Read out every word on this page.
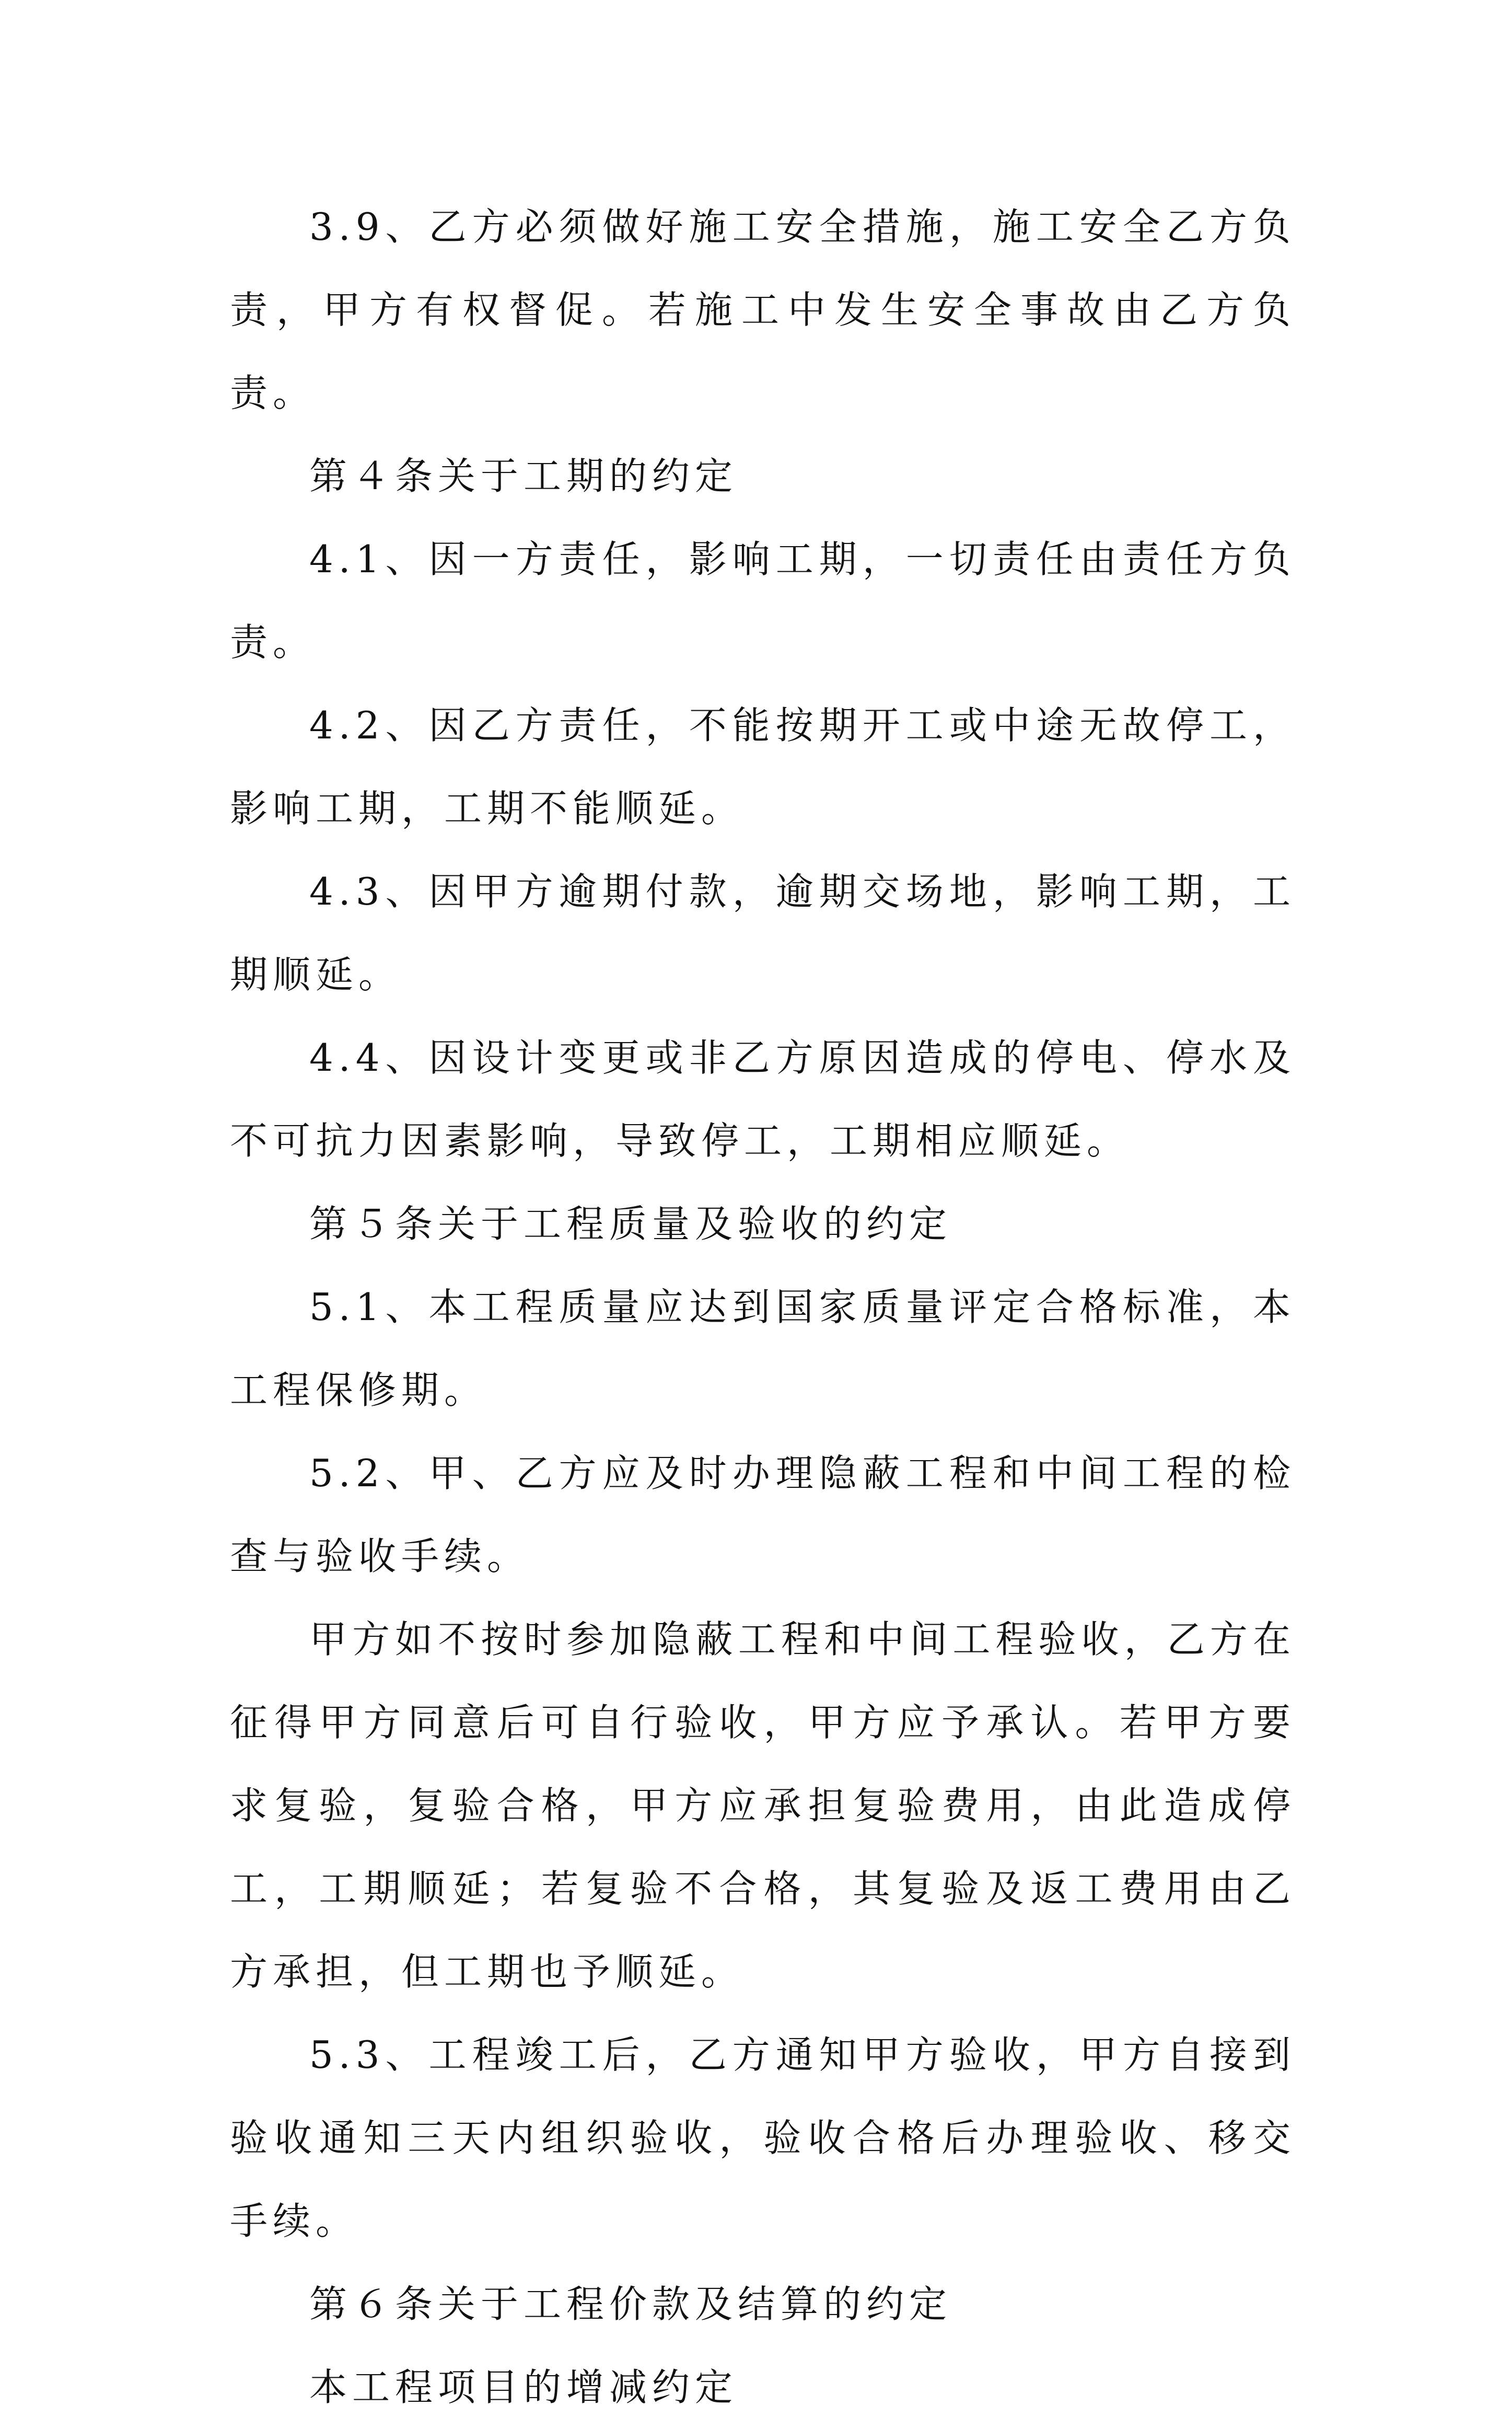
3.9、乙方必须做好施工安全措施，施工安全乙方负责，甲方有权督促。若施工中发生安全事故由乙方负责。

第４条关于工期的约定

4.1、因一方责任，影响工期，一切责任由责任方负责。

4.2、因乙方责任，不能按期开工或中途无故停工，影响工期，工期不能顺延。

4.3、因甲方逾期付款，逾期交场地，影响工期，工期顺延。

4.4、因设计变更或非乙方原因造成的停电、停水及不可抗力因素影响，导致停工，工期相应顺延。

第５条关于工程质量及验收的约定

5.1、本工程质量应达到国家质量评定合格标准，本工程保修期。

5.2、甲、乙方应及时办理隐蔽工程和中间工程的检查与验收手续。

甲方如不按时参加隐蔽工程和中间工程验收，乙方在征得甲方同意后可自行验收，甲方应予承认。若甲方要求复验，复验合格，甲方应承担复验费用，由此造成停工，工期顺延；若复验不合格，其复验及返工费用由乙方承担，但工期也予顺延。

5.3、工程竣工后，乙方通知甲方验收，甲方自接到验收通知三天内组织验收，验收合格后办理验收、移交手续。

第６条关于工程价款及结算的约定

本工程项目的增减约定
